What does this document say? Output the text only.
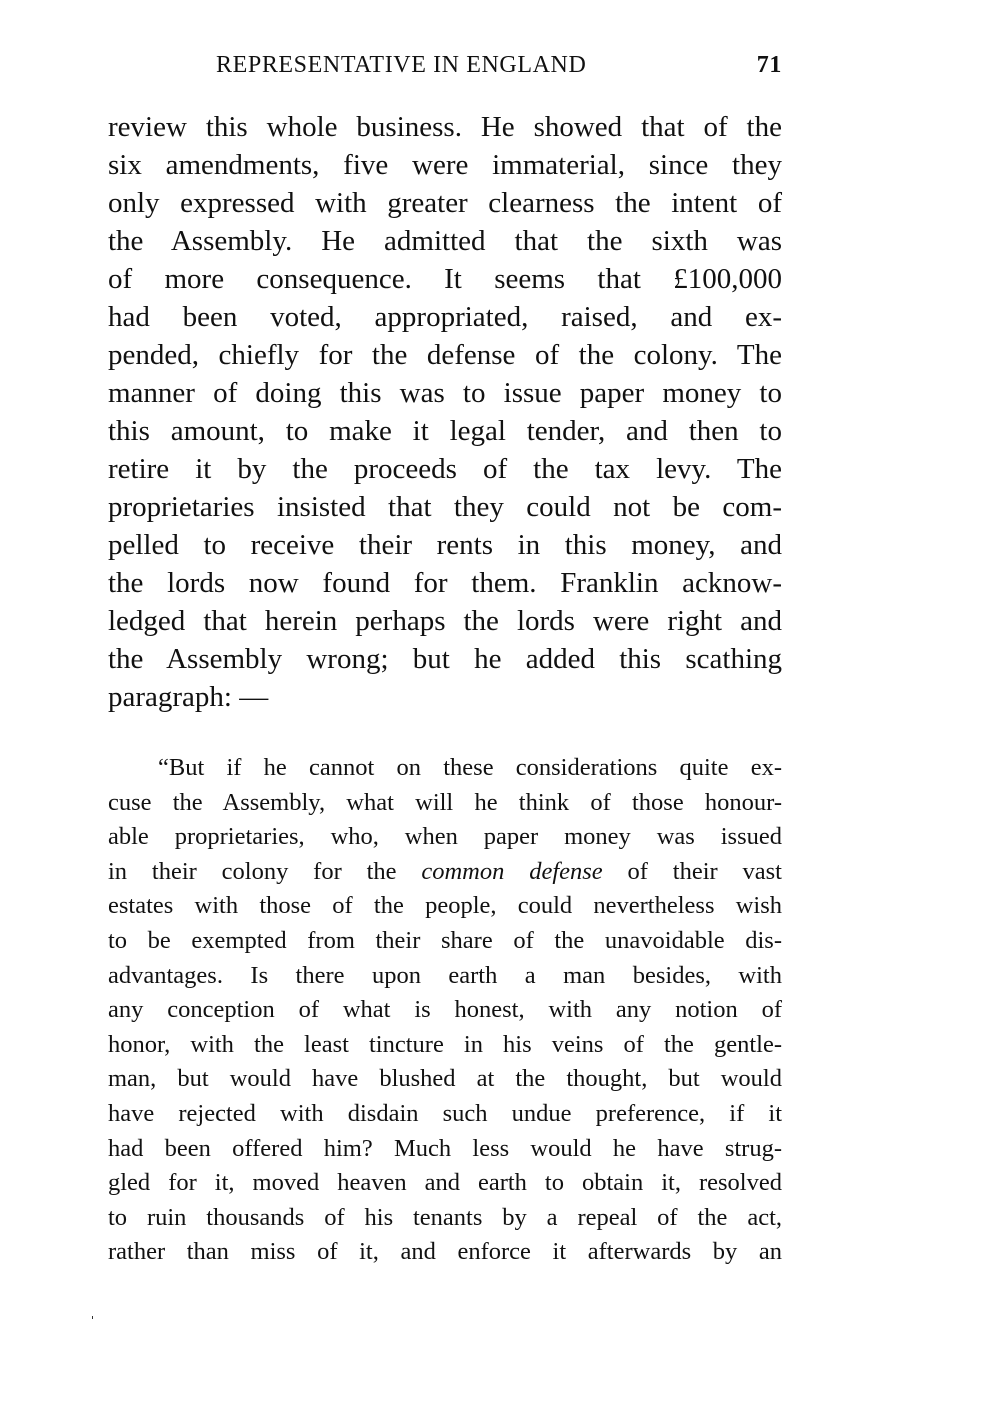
REPRESENTATIVE IN ENGLAND	71
review this whole business. He showed that of the
six amendments, five were immaterial, since they
only expressed with greater clearness the intent of
the Assembly. He admitted that the sixth was
of more consequence. It seems that £100,000
had been voted, appropriated, raised, and ex-
pended, chiefly for the defense of the colony. The
manner of doing this was to issue paper money to
this amount, to make it legal tender, and then to
retire it by the proceeds of the tax levy. The
proprietaries insisted that they could not be com-
pelled to receive their rents in this money, and
the lords now found for them. Franklin acknow-
ledged that herein perhaps the lords were right and
the Assembly wrong; but he added this scathing
paragraph: —
“But if he cannot on these considerations quite ex-
cuse the Assembly, what will he think of those honour-
able proprietaries, who, when paper money was issued
in their colony for the common defense of their vast
estates with those of the people, could nevertheless wish
to be exempted from their share of the unavoidable dis-
advantages. Is there upon earth a man besides, with
any conception of what is honest, with any notion of
honor, with the least tincture in his veins of the gentle-
man, but would have blushed at the thought, but would
have rejected with disdain such undue preference, if it
had been offered him? Much less would he have strug-
gled for it, moved heaven and earth to obtain it, resolved
to ruin thousands of his tenants by a repeal of the act,
rather than miss of it, and enforce it afterwards by an
